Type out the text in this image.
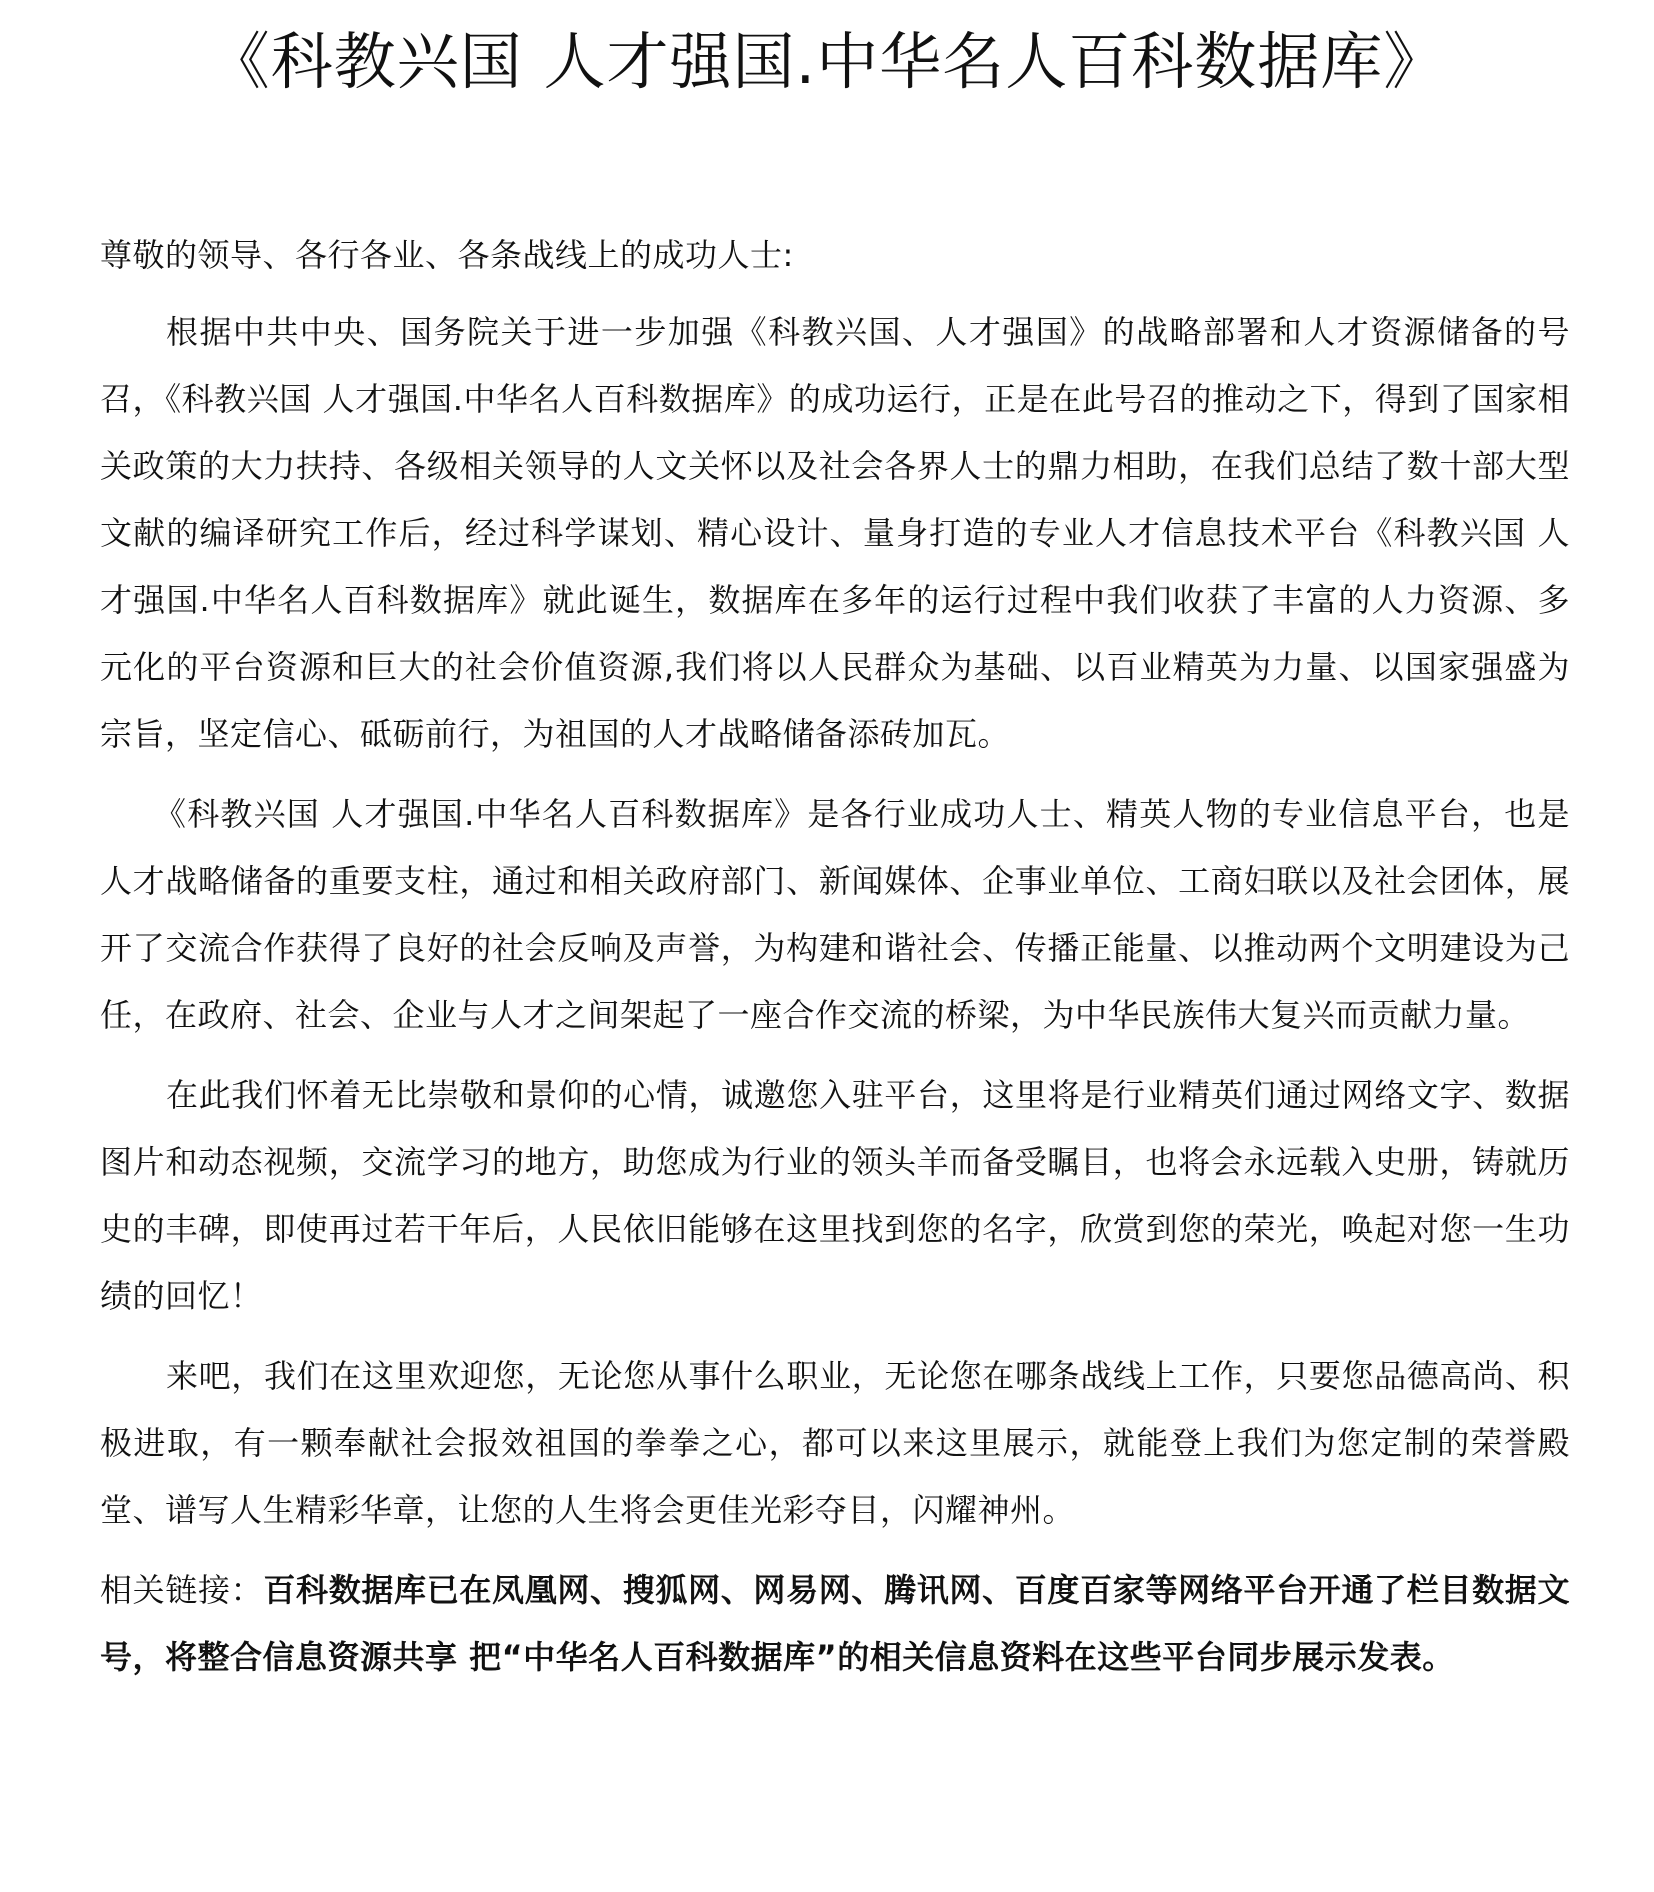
《科教兴国 人才强国.中华名人百科数据库》

尊敬的领导、各行各业、各条战线上的成功人士:

根据中共中央、国务院关于进一步加强《科教兴国、人才强国》的战略部署和人才资源储备的号召，《科教兴国 人才强国.中华名人百科数据库》的成功运行，正是在此号召的推动之下，得到了国家相关政策的大力扶持、各级相关领导的人文关怀以及社会各界人士的鼎力相助，在我们总结了数十部大型文献的编译研究工作后，经过科学谋划、精心设计、量身打造的专业人才信息技术平台《科教兴国 人才强国.中华名人百科数据库》就此诞生，数据库在多年的运行过程中我们收获了丰富的人力资源、多元化的平台资源和巨大的社会价值资源,我们将以人民群众为基础、以百业精英为力量、以国家强盛为宗旨，坚定信心、砥砺前行，为祖国的人才战略储备添砖加瓦。

《科教兴国 人才强国.中华名人百科数据库》是各行业成功人士、精英人物的专业信息平台，也是人才战略储备的重要支柱，通过和相关政府部门、新闻媒体、企事业单位、工商妇联以及社会团体，展开了交流合作获得了良好的社会反响及声誉，为构建和谐社会、传播正能量、以推动两个文明建设为己任，在政府、社会、企业与人才之间架起了一座合作交流的桥梁，为中华民族伟大复兴而贡献力量。

在此我们怀着无比崇敬和景仰的心情，诚邀您入驻平台，这里将是行业精英们通过网络文字、数据图片和动态视频，交流学习的地方，助您成为行业的领头羊而备受瞩目，也将会永远载入史册，铸就历史的丰碑，即使再过若干年后，人民依旧能够在这里找到您的名字，欣赏到您的荣光，唤起对您一生功绩的回忆！

来吧，我们在这里欢迎您，无论您从事什么职业，无论您在哪条战线上工作，只要您品德高尚、积极进取，有一颗奉献社会报效祖国的拳拳之心，都可以来这里展示，就能登上我们为您定制的荣誉殿堂、谱写人生精彩华章，让您的人生将会更佳光彩夺目，闪耀神州。

相关链接：百科数据库已在凤凰网、搜狐网、网易网、腾讯网、百度百家等网络平台开通了栏目数据文号，将整合信息资源共享 把“中华名人百科数据库”的相关信息资料在这些平台同步展示发表。
